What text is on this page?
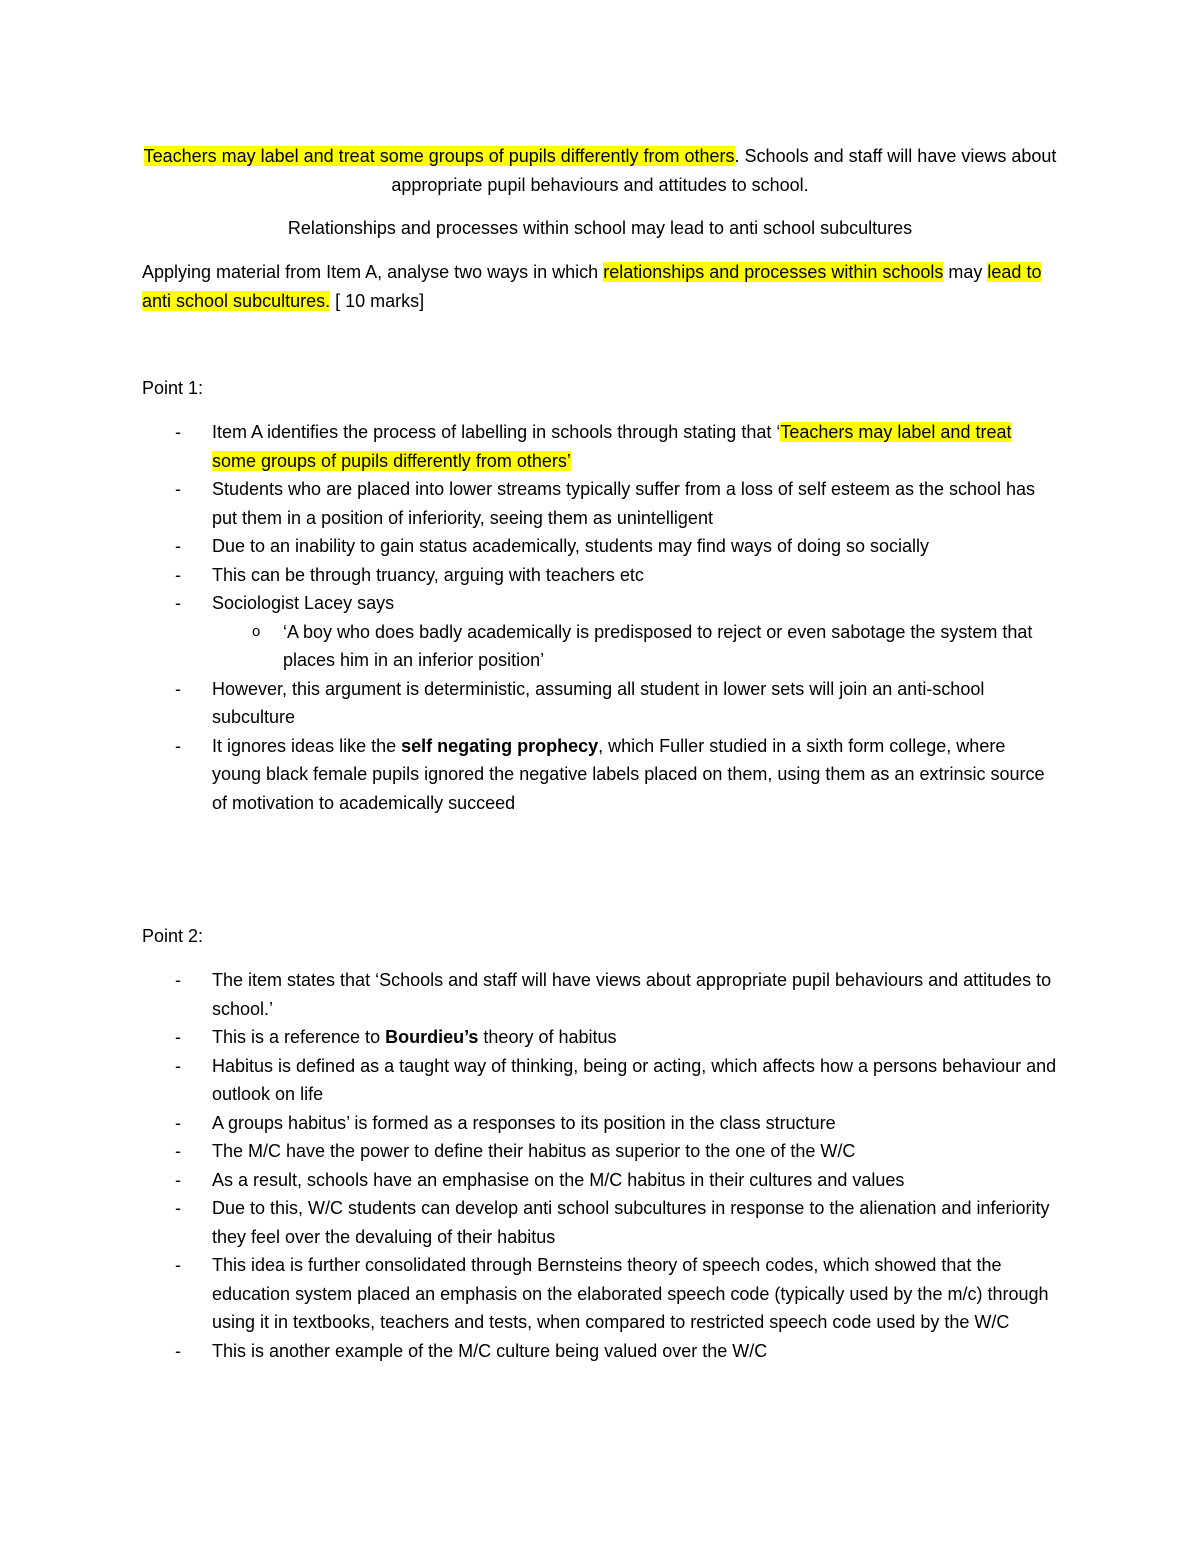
Teachers may label and treat some groups of pupils differently from others. Schools and staff will have views about appropriate pupil behaviours and attitudes to school.

Relationships and processes within school may lead to anti school subcultures

Applying material from Item A, analyse two ways in which relationships and processes within schools may lead to anti school subcultures. [ 10 marks]

Point 1:

- Item A identifies the process of labelling in schools through stating that ‘Teachers may label and treat some groups of pupils differently from others’
- Students who are placed into lower streams typically suffer from a loss of self esteem as the school has put them in a position of inferiority, seeing them as unintelligent
- Due to an inability to gain status academically, students may find ways of doing so socially
- This can be through truancy, arguing with teachers etc
- Sociologist Lacey says
o ‘A boy who does badly academically is predisposed to reject or even sabotage the system that places him in an inferior position’
- However, this argument is deterministic, assuming all student in lower sets will join an anti-school subculture
- It ignores ideas like the self negating prophecy, which Fuller studied in a sixth form college, where young black female pupils ignored the negative labels placed on them, using them as an extrinsic source of motivation to academically succeed

Point 2:

- The item states that ‘Schools and staff will have views about appropriate pupil behaviours and attitudes to school.’
- This is a reference to Bourdieu’s theory of habitus
- Habitus is defined as a taught way of thinking, being or acting, which affects how a persons behaviour and outlook on life
- A groups habitus’ is formed as a responses to its position in the class structure
- The M/C have the power to define their habitus as superior to the one of the W/C
- As a result, schools have an emphasise on the M/C habitus in their cultures and values
- Due to this, W/C students can develop anti school subcultures in response to the alienation and inferiority they feel over the devaluing of their habitus
- This idea is further consolidated through Bernsteins theory of speech codes, which showed that the education system placed an emphasis on the elaborated speech code (typically used by the m/c) through using it in textbooks, teachers and tests, when compared to restricted speech code used by the W/C
- This is another example of the M/C culture being valued over the W/C
